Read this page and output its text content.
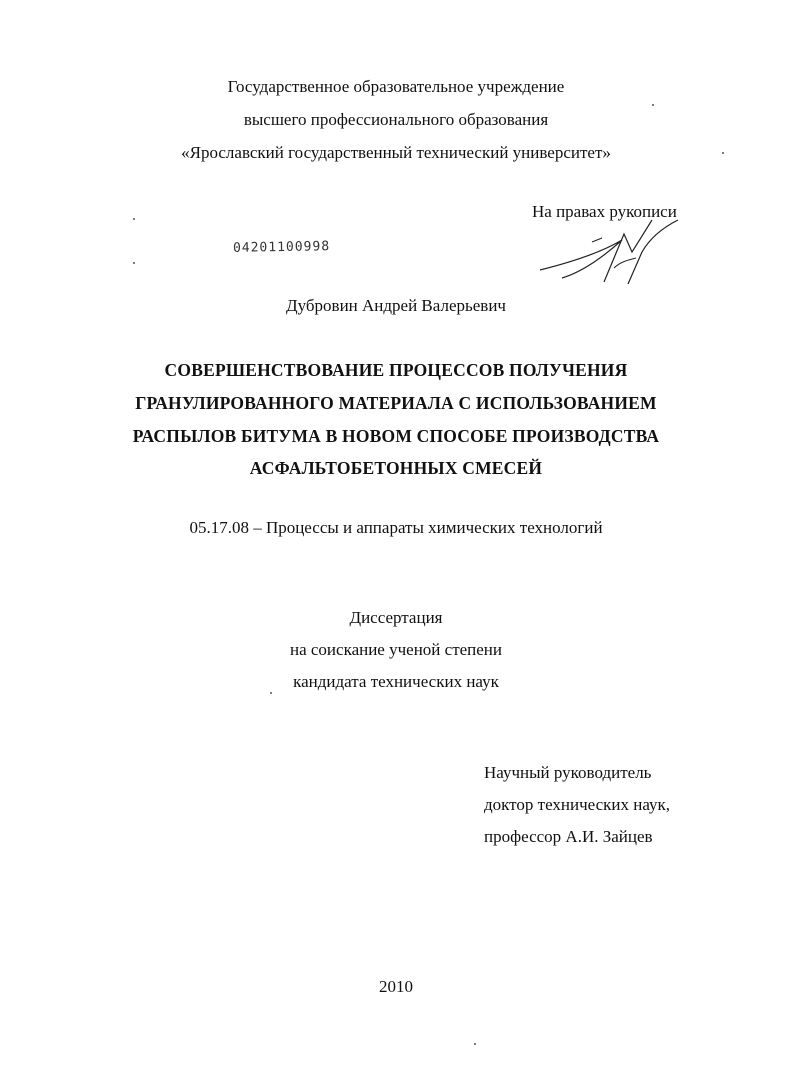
Государственное образовательное учреждение
высшего профессионального образования
«Ярославский государственный технический университет»
На правах рукописи
04201100998
Дубровин Андрей Валерьевич
СОВЕРШЕНСТВОВАНИЕ ПРОЦЕССОВ ПОЛУЧЕНИЯ
ГРАНУЛИРОВАННОГО МАТЕРИАЛА С ИСПОЛЬЗОВАНИЕМ
РАСПЫЛОВ БИТУМА В НОВОМ СПОСОБЕ ПРОИЗВОДСТВА
АСФАЛЬТОБЕТОННЫХ СМЕСЕЙ
05.17.08 – Процессы и аппараты химических технологий
Диссертация
на соискание ученой степени
кандидата технических наук
Научный руководитель
доктор технических наук,
профессор А.И. Зайцев
2010
